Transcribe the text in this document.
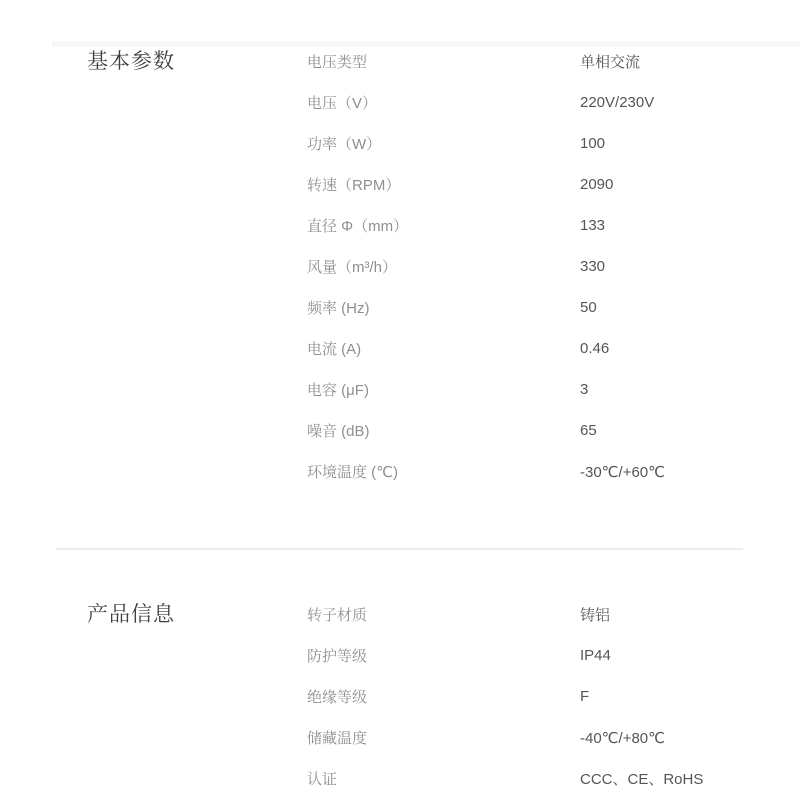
基本参数	电压类型	单相交流
电压（V）	220V/230V
功率（W）	100
转速（RPM）	2090
直径 Φ（mm）	133
风量（m³/h）	330
频率 (Hz)	50
电流 (A)	0.46
电容 (μF)	3
噪音 (dB)	65
环境温度 (℃)	-30℃/+60℃
产品信息	转子材质	铸铝
防护等级	IP44
绝缘等级	F
储藏温度	-40℃/+80℃
认证	CCC、CE、RoHS
